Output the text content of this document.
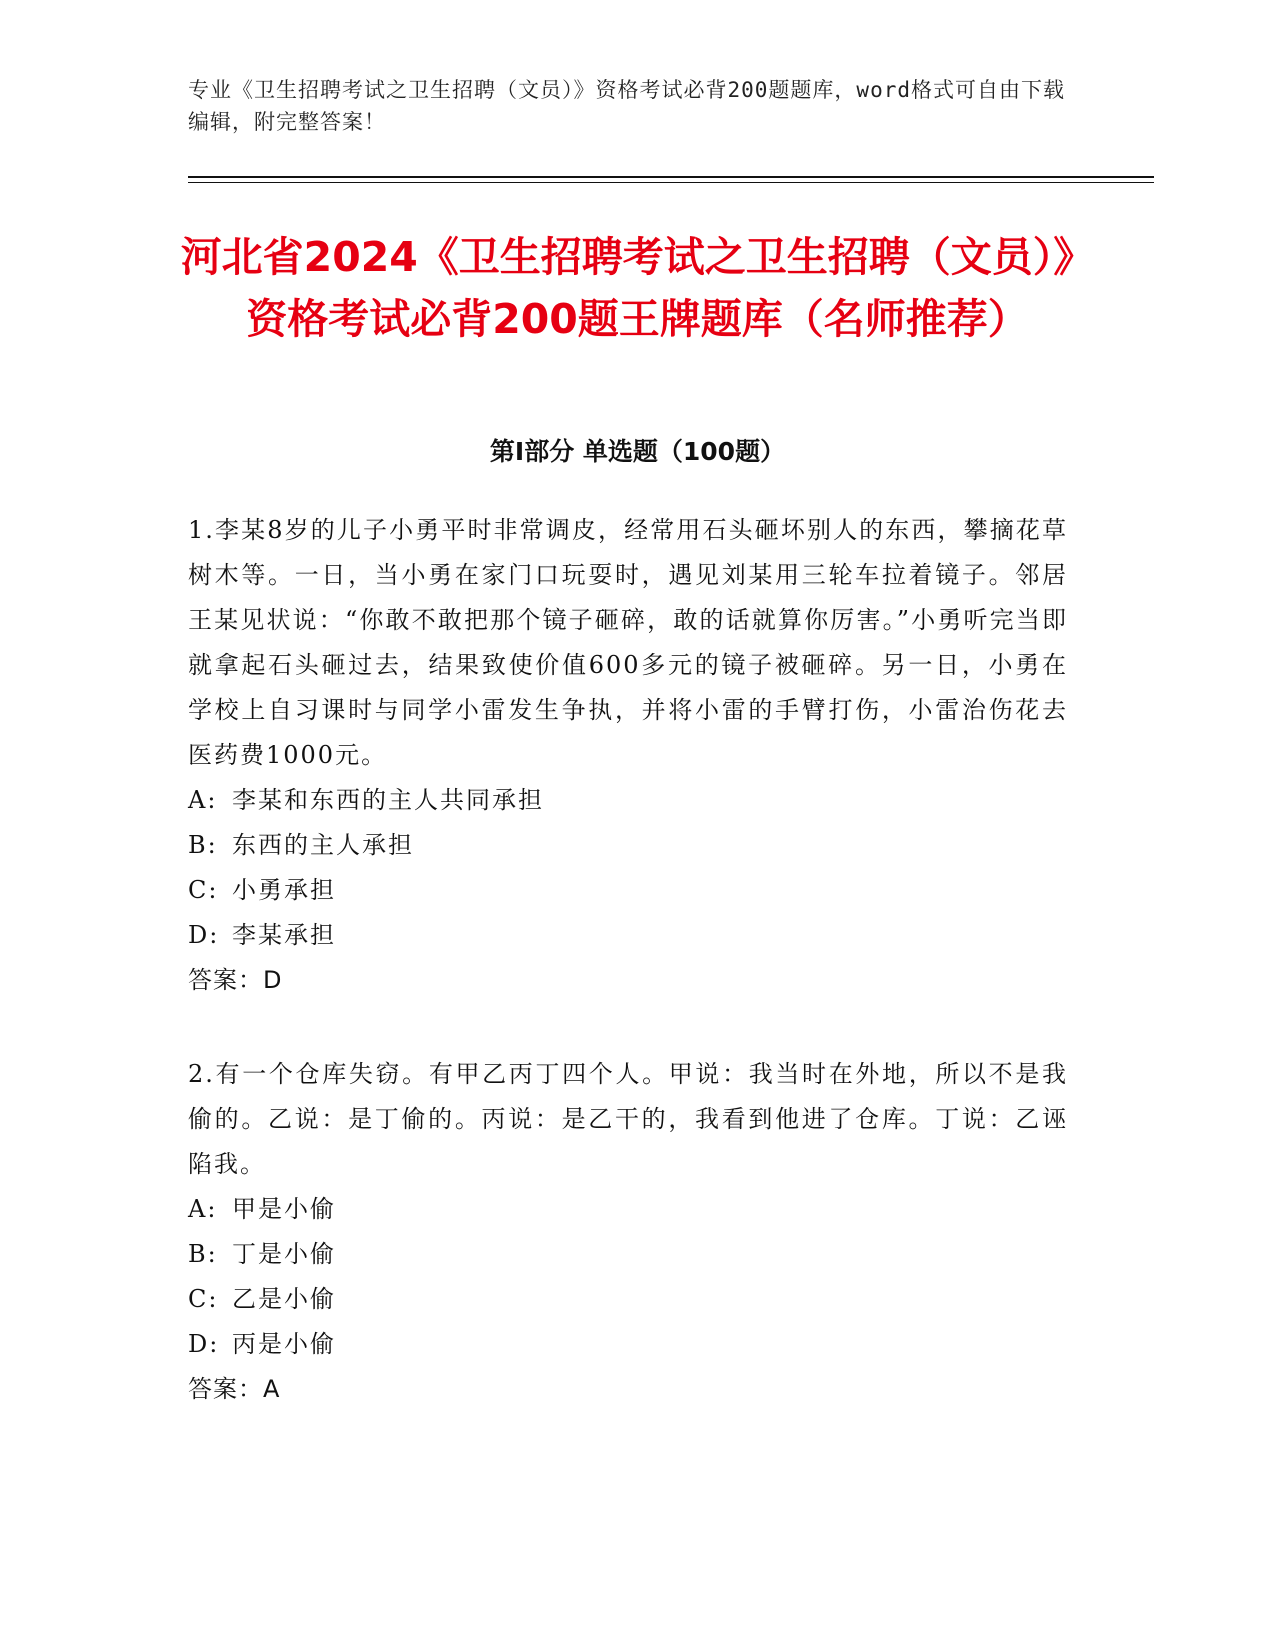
专业《卫生招聘考试之卫生招聘（文员）》资格考试必背200题题库，word格式可自由下载编辑，附完整答案！
河北省2024《卫生招聘考试之卫生招聘（文员）》资格考试必背200题王牌题库（名师推荐）
第Ⅰ部分 单选题（100题）

1.李某8岁的儿子小勇平时非常调皮，经常用石头砸坏别人的东西，攀摘花草树木等。一日，当小勇在家门口玩耍时，遇见刘某用三轮车拉着镜子。邻居王某见状说：“你敢不敢把那个镜子砸碎，敢的话就算你厉害。”小勇听完当即就拿起石头砸过去，结果致使价值600多元的镜子被砸碎。另一日，小勇在学校上自习课时与同学小雷发生争执，并将小雷的手臂打伤，小雷治伤花去医药费1000元。

A: 李某和东西的主人共同承担

B: 东西的主人承担

C: 小勇承担

D: 李某承担

答案：D

2.有一个仓库失窃。有甲乙丙丁四个人。甲说：我当时在外地，所以不是我偷的。乙说：是丁偷的。丙说：是乙干的，我看到他进了仓库。丁说：乙诬陷我。

A: 甲是小偷

B: 丁是小偷

C: 乙是小偷

D: 丙是小偷

答案：A
